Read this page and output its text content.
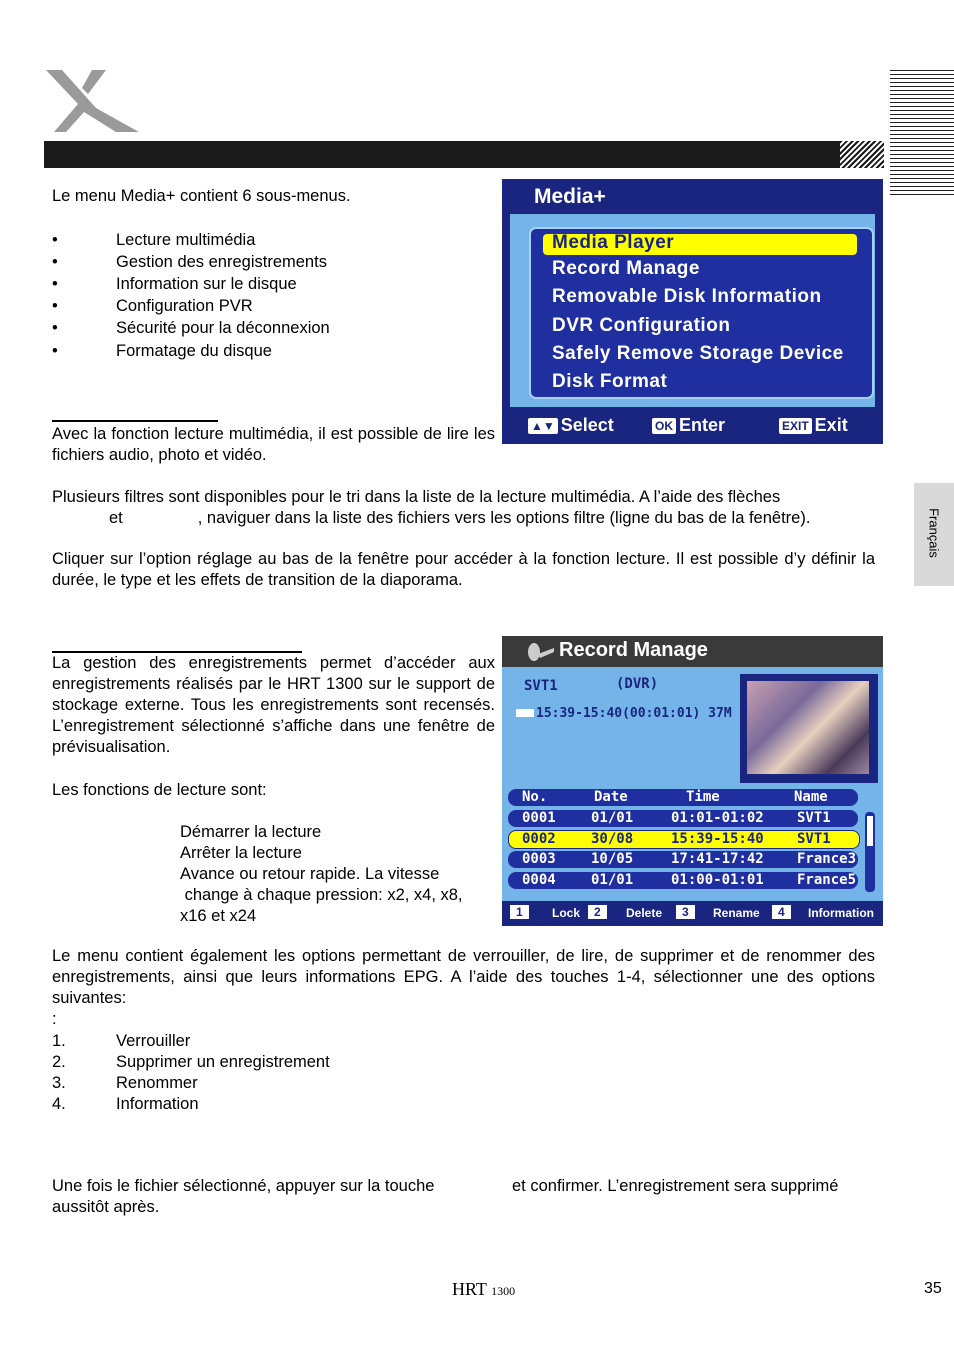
Français
Le menu Media+ contient 6 sous-menus.
•	Lecture multimédia
•	Gestion des enregistrements
•	Information sur le disque
•	Configuration PVR
•	Sécurité pour la déconnexion
•	Formatage du disque
Avec la fonction lecture multimédia, il est possible de lire les fichiers audio, photo et vidéo.
Media+
Media Player
Record Manage
Removable Disk Information
DVR Configuration
Safely Remove Storage Device
Disk Format
▲▼ Select	OK Enter	EXIT Exit
Plusieurs filtres sont disponibles pour le tri dans la liste de la lecture multimédia. A l’aide des flèches
et	, naviguer dans la liste des fichiers vers les options filtre (ligne du bas de la fenêtre).
Cliquer sur l’option réglage au bas de la fenêtre pour accéder à la fonction lecture. Il est possible d’y définir la durée, le type et les effets de transition de la diaporama.
La gestion des enregistrements permet d’accéder aux enregistrements réalisés par le HRT 1300 sur le support de stockage externe. Tous les enregistrements sont recensés. L’enregistrement sélectionné s’affiche dans une fenêtre de prévisualisation.
Les fonctions de lecture sont:
Démarrer la lecture
Arrêter la lecture
Avance ou retour rapide. La vitesse
change à chaque pression: x2, x4, x8,
x16 et x24
Record Manage
SVT1	(DVR)
15:39-15:40(00:01:01) 37M
No.	Date	Time	Name
0001	01/01	01:01-01:02 SVT1
0002	30/08	15:39-15:40 SVT1
0003	10/05	17:41-17:42 France3
0004	01/01	01:00-01:01 France5
1	Lock	2	Delete	3	Rename	4	Information
Le menu contient également les options permettant de verrouiller, de lire, de supprimer et de renommer des enregistrements, ainsi que leurs informations EPG. A l’aide des touches 1-4, sélectionner une des options suivantes:
:
1.	Verrouiller
2.	Supprimer un enregistrement
3.	Renommer
4.	Information
Une fois le fichier sélectionné, appuyer sur la touche	et confirmer. L’enregistrement sera supprimé
aussitôt après.
HRT 1300	35
